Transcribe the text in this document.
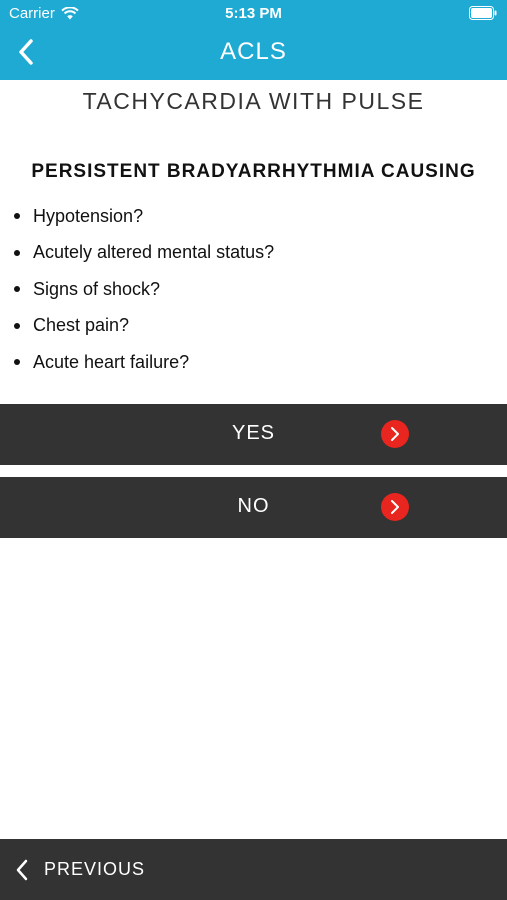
Carrier	5:13 PM
ACLS
TACHYCARDIA WITH PULSE
PERSISTENT BRADYARRHYTHMIA CAUSING
Hypotension?
Acutely altered mental status?
Signs of shock?
Chest pain?
Acute heart failure?
YES
NO
PREVIOUS
